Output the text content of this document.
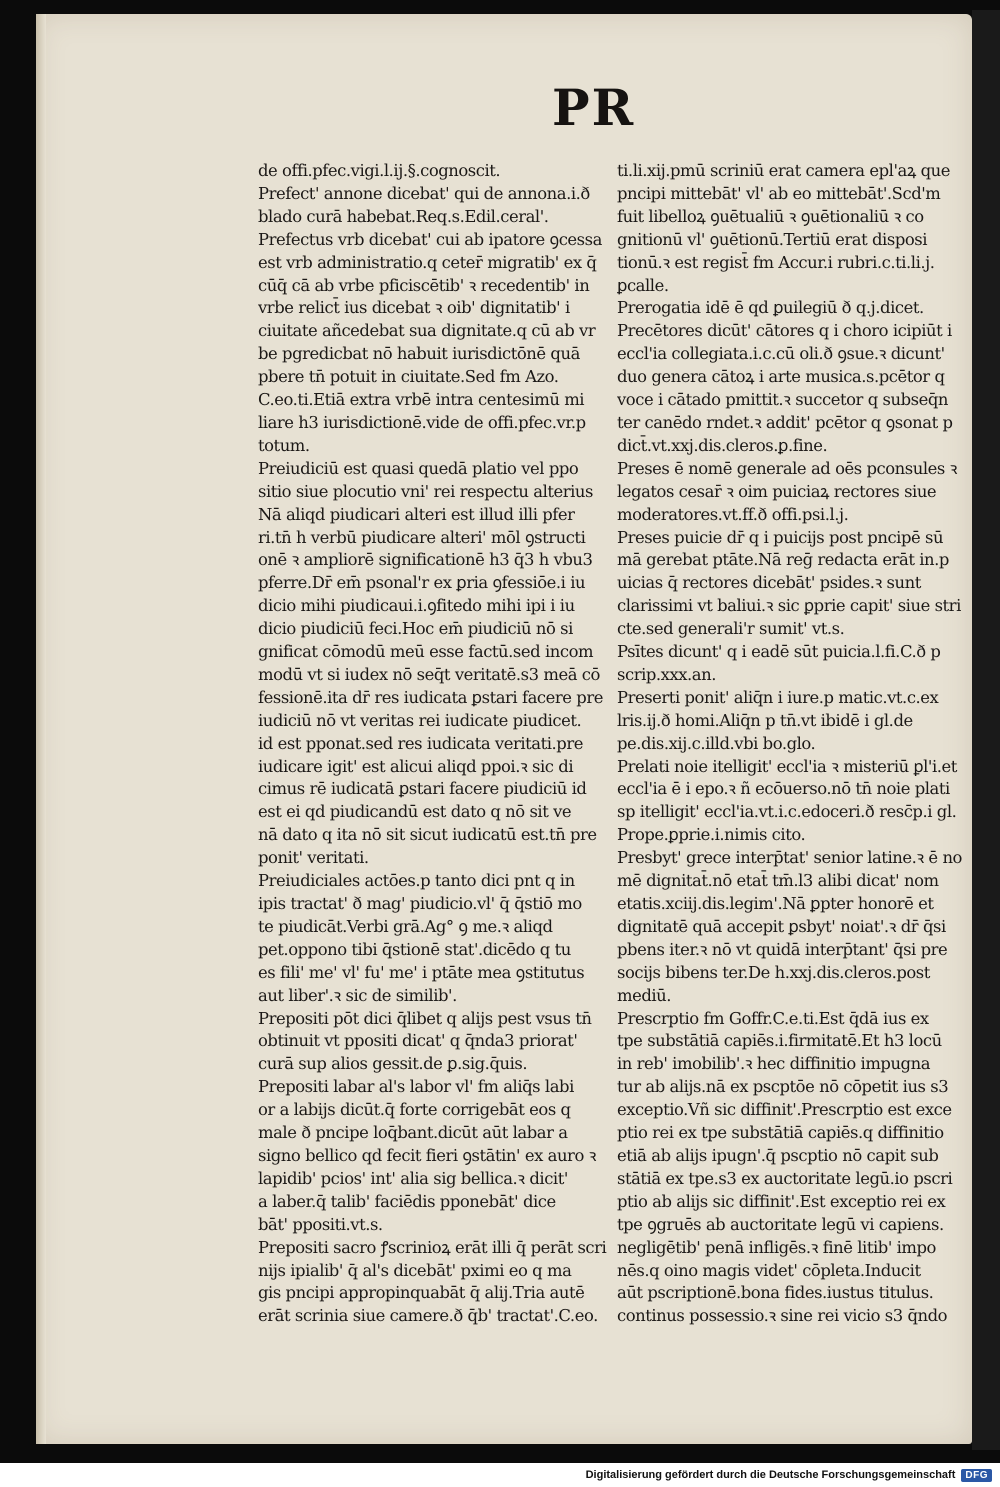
PR
de offi.pfec.vigi.l.ij.§.cognoscit.
Prefect' annone dicebat' qui de annona.i.ð
blado curā habebat.Req.s.Edil.ceral'.
Prefectus vrb dicebat' cui ab ipatore ꝯcessa
est vrb administratio.q ceter̄ migratib' ex q̄
cūq̄ cā ab vrbe pficiscētib' ꝛ recedentib' in
vrbe relict̄ ius dicebat ꝛ oib' dignitatib' i
ciuitate añcedebat sua dignitate.q cū ab vr
be pgredicbat nō habuit iurisdictōnē quā
pbere tn̄ potuit in ciuitate.Sed fm Azo.
C.eo.ti.Etiā extra vrbē intra centesimū mi
liare h3 iurisdictionē.vide de offi.pfec.vr.p
totum.
Preiudiciū est quasi quedā platio vel ppo
sitio siue plocutio vni' rei respectu alterius
Nā aliqd piudicari alteri est illud illi pfer
ri.tn̄ h verbū piudicare alteri' mōl ꝯstructi
onē ꝛ ampliorē significationē h3 q̄3 h vbu3
pferre.Dr̄ em̄ psonal'r ex ꝑria ꝯfessiōe.i iu
dicio mihi piudicaui.i.ꝯfitedo mihi ipi i iu
dicio piudiciū feci.Hoc em̄ piudiciū nō si
gnificat cōmodū meū esse factū.sed incom
modū vt si iudex nō seq̄t veritatē.s3 meā cō
fessionē.ita dr̄ res iudicata ꝑstari facere pre
iudiciū nō vt veritas rei iudicate piudicet.
id est pponat.sed res iudicata veritati.pre
iudicare igit' est alicui aliqd ppoi.ꝛ sic di
cimus rē iudicatā ꝑstari facere piudiciū id
est ei qd piudicandū est dato q nō sit ve
nā dato q ita nō sit sicut iudicatū est.tn̄ pre
ponit' veritati.
Preiudiciales actōes.p tanto dici pnt q in
ipis tractat' ð mag' piudicio.vl' q̄ q̄stiō mo
te piudicāt.Verbi grā.Ag° ꝯ me.ꝛ aliqd
pet.oppono tibi q̄stionē stat'.dicēdo q tu
es fili' me' vl' fu' me' i ptāte mea ꝯstitutus
aut liber'.ꝛ sic de similib'.
Prepositi pōt dici q̄libet q alijs pest vsus tn̄
obtinuit vt ppositi dicat' q q̄nda3 priorat'
curā sup alios gessit.de ꝑ.sig.q̄uis.
Prepositi labar al's labor vl' fm aliq̄s labi
or a labijs dicūt.q̄ forte corrigebāt eos q
male ð pncipe loq̄bant.dicūt aūt labar a
signo bellico qd fecit fieri ꝯstātin' ex auro ꝛ
lapidib' pcios' int' alia sig bellica.ꝛ dicit'
a laber.q̄ talib' faciēdis pponebāt' dice
bāt' ppositi.vt.s.
Prepositi sacro ꝭscrinioꝝ erāt illi q̄ perāt scri
nijs ipialib' q̄ al's dicebāt' pximi eo q ma
gis pncipi appropinquabāt q̄ alij.Tria autē
erāt scrinia siue camere.ð q̄b' tractat'.C.eo.
ti.li.xij.pmū scriniū erat camera epl'aꝝ que
pncipi mittebāt' vl' ab eo mittebāt'.Scd'm
fuit libelloꝝ ꝯuētualiū ꝛ ꝯuētionaliū ꝛ co
gnitionū vl' ꝯuētionū.Tertiū erat disposi
tionū.ꝛ est regist̄ fm Accur.i rubri.c.ti.li.j.
ꝑcalle.
Prerogatia idē ē qd ꝑuilegiū ð q.j.dicet.
Precētores dicūt' cātores q i choro icipiūt i
eccl'ia collegiata.i.c.cū oli.ð ꝯsue.ꝛ dicunt'
duo genera cātoꝝ i arte musica.s.pcētor q
voce i cātado pmittit.ꝛ succetor q subseq̄n
ter canēdo rndet.ꝛ addit' pcētor q ꝯsonat p
dict̄.vt.xxj.dis.cleros.ꝑ.fine.
Preses ē nomē generale ad oēs pconsules ꝛ
legatos cesar̄ ꝛ oim puiciaꝝ rectores siue
moderatores.vt.ff.ð offi.psi.l.j.
Preses puicie dr̄ q i puicijs post pncipē sū
mā gerebat ptāte.Nā reḡ redacta erāt in.p
uicias q̄ rectores dicebāt' psides.ꝛ sunt
clarissimi vt baliui.ꝛ sic ꝑprie capit' siue stri
cte.sed generali'r sumit' vt.s.
Psītes dicunt' q i eadē sūt puicia.l.fi.C.ð p
scrip.xxx.an.
Preserti ponit' aliq̄n i iure.p matic.vt.c.ex
lris.ij.ð homi.Aliq̄n p tn̄.vt ibidē i gl.de
pe.dis.xij.c.illd.vbi bo.glo.
Prelati noie itelligit' eccl'ia ꝛ misteriū ꝑl'i.et
eccl'ia ē i epo.ꝛ ñ ecōuerso.nō tn̄ noie plati
sp itelligit' eccl'ia.vt.i.c.edoceri.ð resc̄p.i gl.
Prope.ꝑprie.i.nimis cito.
Presbyt' grece interp̄tat' senior latine.ꝛ ē no
mē dignitat̄.nō etat̄ tm̄.l3 alibi dicat' nom
etatis.xciij.dis.legim'.Nā ꝑpter honorē et
dignitatē quā accepit ꝑsbyt' noiat'.ꝛ dr̄ q̄si
pbens iter.ꝛ nō vt quidā interp̄tant' q̄si pre
socijs bibens ter.De h.xxj.dis.cleros.post
mediū.
Prescrptio fm Goffr.C.e.ti.Est q̄dā ius ex
tpe substātiā capiēs.i.firmitatē.Et h3 locū
in reb' imobilib'.ꝛ hec diffinitio impugna
tur ab alijs.nā ex pscptōe nō cōpetit ius s3
exceptio.Vñ sic diffinit'.Prescrptio est exce
ptio rei ex tpe substātiā capiēs.q diffinitio
etiā ab alijs ipugn'.q̄ pscptio nō capit sub
stātiā ex tpe.s3 ex auctoritate legū.io pscri
ptio ab alijs sic diffinit'.Est exceptio rei ex
tpe ꝯgruēs ab auctoritate legū vi capiens.
negligētib' penā infligēs.ꝛ finē litib' impo
nēs.q oino magis videt' cōpleta.Inducit
aūt pscriptionē.bona fides.iustus titulus.
continus possessio.ꝛ sine rei vicio s3 q̄ndo
Digitalisierung gefördert durch die Deutsche Forschungsgemeinschaft	DFG
